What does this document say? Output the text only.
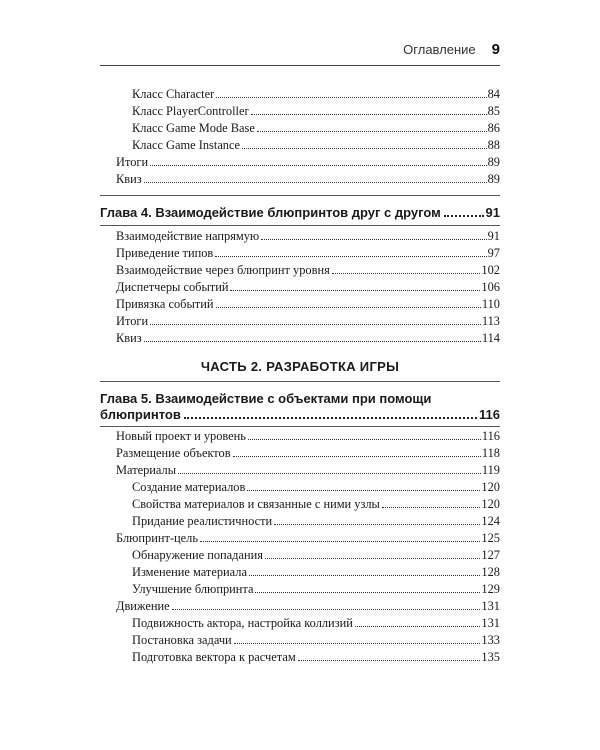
Оглавление 9
Класс Character	84
Класс PlayerController	85
Класс Game Mode Base	86
Класс Game Instance	88
Итоги	89
Квиз	89
Глава 4. Взаимодействие блюпринтов друг с другом	91
Взаимодействие напрямую	91
Приведение типов	97
Взаимодействие через блюпринт уровня	102
Диспетчеры событий	106
Привязка событий	110
Итоги	113
Квиз	114
ЧАСТЬ 2. РАЗРАБОТКА ИГРЫ
Глава 5. Взаимодействие с объектами при помощи
блюпринтов	116
Новый проект и уровень	116
Размещение объектов	118
Материалы	119
Создание материалов	120
Свойства материалов и связанные с ними узлы	120
Придание реалистичности	124
Блюпринт-цель	125
Обнаружение попадания	127
Изменение материала	128
Улучшение блюпринта	129
Движение	131
Подвижность актора, настройка коллизий	131
Постановка задачи	133
Подготовка вектора к расчетам	135
